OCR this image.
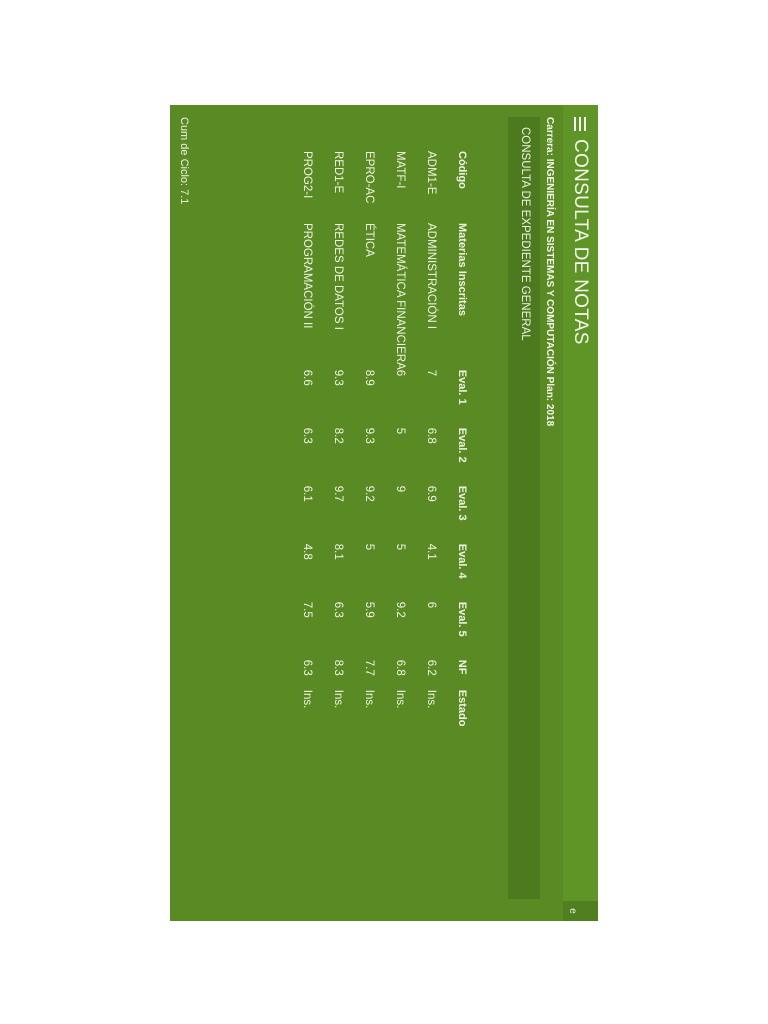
CONSULTA DE NOTAS
e
Carrera: INGENIERÍA EN SISTEMAS Y COMPUTACIÓN Plan: 2018
CONSULTA DE EXPEDIENTE GENERAL
Código	Materias Inscritas	Eval. 1	Eval. 2	Eval. 3	Eval. 4	Eval. 5	NF	Estado
ADM1-E	ADMINISTRACIÓN I	7	6.8	6.9	4.1	6	6.2	Ins.
MATF-I	MATEMÁTICA FINANCIERA	6	5	9	5	9.2	6.8	Ins.
EPRO-AC	ÉTICA	8.9	9.3	9.2	5	5.9	7.7	Ins.
RED1-E	REDES DE DATOS I	9.3	8.2	9.7	8.1	6.3	8.3	Ins.
PROG2-I	PROGRAMACIÓN II	6.6	6.3	6.1	4.8	7.5	6.3	Ins.
Cum de Ciclo: 7.1
